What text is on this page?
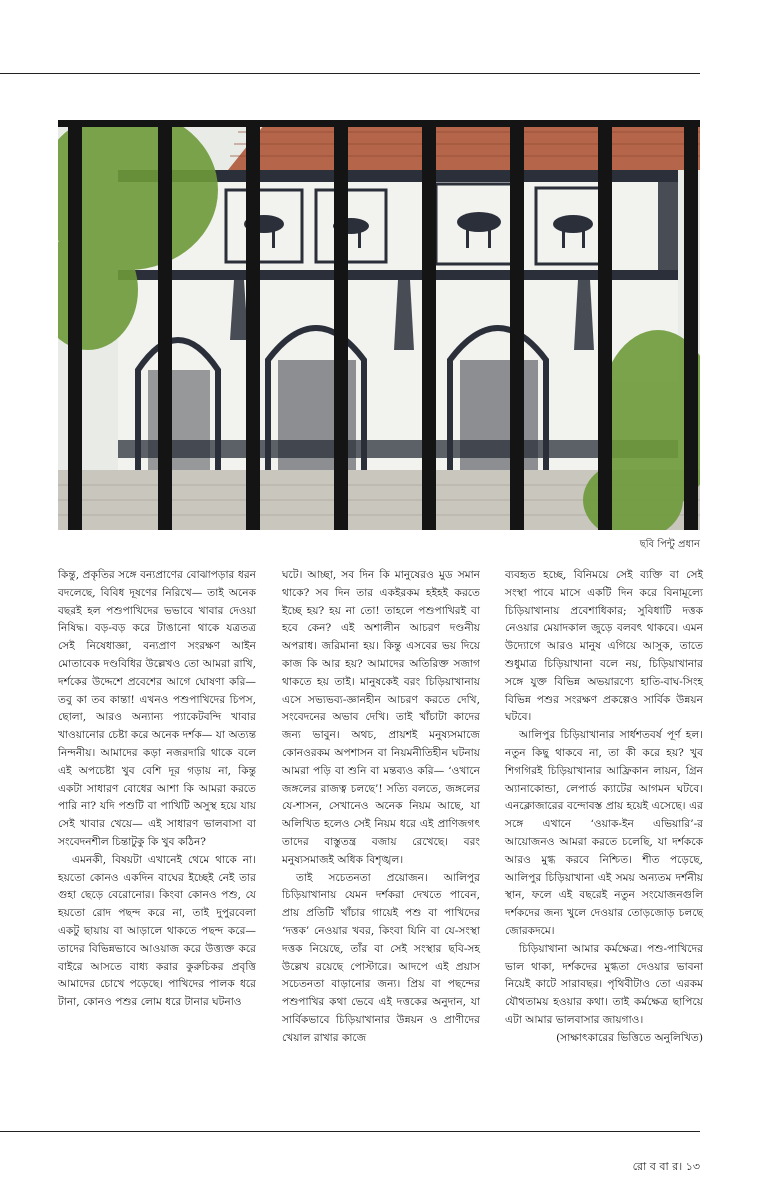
ছবি পিন্টু প্রধান

কিন্তু, প্রকৃতির সঙ্গে বন্যপ্রাণের বোঝাপড়ার ধরন বদলেছে, বিবিধ দূষণের নিরিখে— তাই অনেক বছরই হল পশুপাখিদের ভভাবে খাবার দেওয়া নিষিদ্ধ। বড়-বড় করে টাঙানো থাকে যত্রতত্র সেই নিষেধাজ্ঞা, বন্যপ্রাণ সংরক্ষণ আইন মোতাবেক দণ্ডবিধির উল্লেখও তো আমরা রাখি, দর্শকের উদ্দেশে প্রবেশের আগে ঘোষণা করি— তবু কা তব কান্তা! এখনও পশুপাখিদের চিপস, ছোলা, আরও অন্যান্য প্যাকেটবন্দি খাবার খাওয়ানোর চেষ্টা করে অনেক দর্শক— যা অত্যন্ত নিন্দনীয়। আমাদের কড়া নজরদারি থাকে বলে এই অপচেষ্টা খুব বেশি দূর গড়ায় না, কিন্তু একটা সাধারণ বোধের আশা কি আমরা করতে পারি না? যদি পশুটি বা পাখিটি অসুস্থ হয়ে যায় সেই খাবার খেয়ে— এই সাধারণ ভালবাসা বা সংবেদনশীল চিন্তাটুকু কি খুব কঠিন?

এমনকী, বিষয়টা এখানেই থেমে থাকে না। হয়তো কোনও একদিন বাঘের ইচ্ছেই নেই তার গুহা ছেড়ে বেরোনোর। কিংবা কোনও পশু, যে হয়তো রোদ পছন্দ করে না, তাই দুপুরবেলা একটু ছায়ায় বা আড়ালে থাকতে পছন্দ করে— তাদের বিভিন্নভাবে আওয়াজ করে উত্ত্যক্ত করে বাইরে আসতে বাধ্য করার কুরুচিকর প্রবৃত্তি আমাদের চোখে পড়েছে। পাখিদের পালক ধরে টানা, কোনও পশুর লোম ধরে টানার ঘটনাও

ঘটে। আচ্ছা, সব দিন কি মানুষেরও মুড সমান থাকে? সব দিন তার একইরকম হইহই করতে ইচ্ছে হয়? হয় না তো! তাহলে পশুপাখিরই বা হবে কেন? এই অশালীন আচরণ দণ্ডনীয় অপরাধ। জরিমানা হয়। কিন্তু এসবের ভয় দিয়ে কাজ কি আর হয়? আমাদের অতিরিক্ত সজাগ থাকতে হয় তাই। মানুষকেই বরং চিড়িয়াখানায় এসে সভ্যভব্য-জ্ঞানহীন আচরণ করতে দেখি, সংবেদনের অভাব দেখি। তাই খাঁচাটা কাদের জন্য ভাবুন। অথচ, প্রায়শই মনুষ্যসমাজে কোনওরকম অপশাসন বা নিয়মনীতিহীন ঘটনায় আমরা পড়ি বা শুনি বা মন্তব্যও করি— ‘ওখানে জঙ্গলের রাজত্ব চলছে’! সত্যি বলতে, জঙ্গলের যে-শাসন, সেখানেও অনেক নিয়ম আছে, যা অলিখিত হলেও সেই নিয়ম ধরে এই প্রাণিজগৎ তাদের বাস্তুতন্ত্র বজায় রেখেছে। বরং মনুষ্যসমাজই অধিক বিশৃঙ্খল।

তাই সচেতনতা প্রয়োজন। আলিপুর চিড়িয়াখানায় যেমন দর্শকরা দেখতে পাবেন, প্রায় প্রতিটি খাঁচার গায়েই পশু বা পাখিদের ‘দত্তক’ নেওয়ার খবর, কিংবা যিনি বা যে-সংস্থা দত্তক নিয়েছে, তাঁর বা সেই সংস্থার ছবি-সহ উল্লেখ রয়েছে পোস্টারে। আদপে এই প্রয়াস সচেতনতা বাড়ানোর জন্য। প্রিয় বা পছন্দের পশুপাখির কথা ভেবে এই দত্তকের অনুদান, যা সার্বিকভাবে চিড়িয়াখানার উন্নয়ন ও প্রাণীদের খেয়াল রাখার কাজে

ব্যবহৃত হচ্ছে, বিনিময়ে সেই ব্যক্তি বা সেই সংস্থা পাবে মাসে একটি দিন করে বিনামূল্যে চিড়িয়াখানায় প্রবেশাধিকার; সুবিধাটি দত্তক নেওয়ার মেয়াদকাল জুড়ে বলবৎ থাকবে। এমন উদ্যোগে আরও মানুষ এগিয়ে আসুক, তাতে শুধুমাত্র চিড়িয়াখানা বলে নয়, চিড়িয়াখানার সঙ্গে যুক্ত বিভিন্ন অভয়ারণ্যে হাতি-বাঘ-সিংহ বিভিন্ন পশুর সংরক্ষণ প্রকল্পেও সার্বিক উন্নয়ন ঘটবে।

আলিপুর চিড়িয়াখানার সার্ধশতবর্ষ পূর্ণ হল। নতুন কিছু থাকবে না, তা কী করে হয়? খুব শিগগিরই চিড়িয়াখানার আফ্রিকান লায়ন, গ্রিন অ্যানাকোন্ডা, লেপার্ড ক্যাটের আগমন ঘটবে। এনক্লোজারের বন্দোবস্ত প্রায় হয়েই এসেছে। এর সঙ্গে এখানে ‘ওয়াক-ইন এভিয়ারি’-র আয়োজনও আমরা করতে চলেছি, যা দর্শককে আরও মুগ্ধ করবে নিশ্চিত। শীত পড়েছে, আলিপুর চিড়িয়াখানা এই সময় অন্যতম দর্শনীয় স্থান, ফলে এই বছরেই নতুন সংযোজনগুলি দর্শকদের জন্য খুলে দেওয়ার তোড়জোড় চলছে জোরকদমে।

চিড়িয়াখানা আমার কর্মক্ষেত্র। পশু-পাখিদের ভাল থাকা, দর্শকদের মুগ্ধতা দেওয়ার ভাবনা নিয়েই কাটে সারাবছর। পৃথিবীটাও তো এরকম যৌথতাময় হওয়ার কথা। তাই কর্মক্ষেত্র ছাপিয়ে এটা আমার ভালবাসার জায়গাও।

(সাক্ষাৎকারের ভিত্তিতে অনুলিখিত)

রো ব বা র। ১৩
